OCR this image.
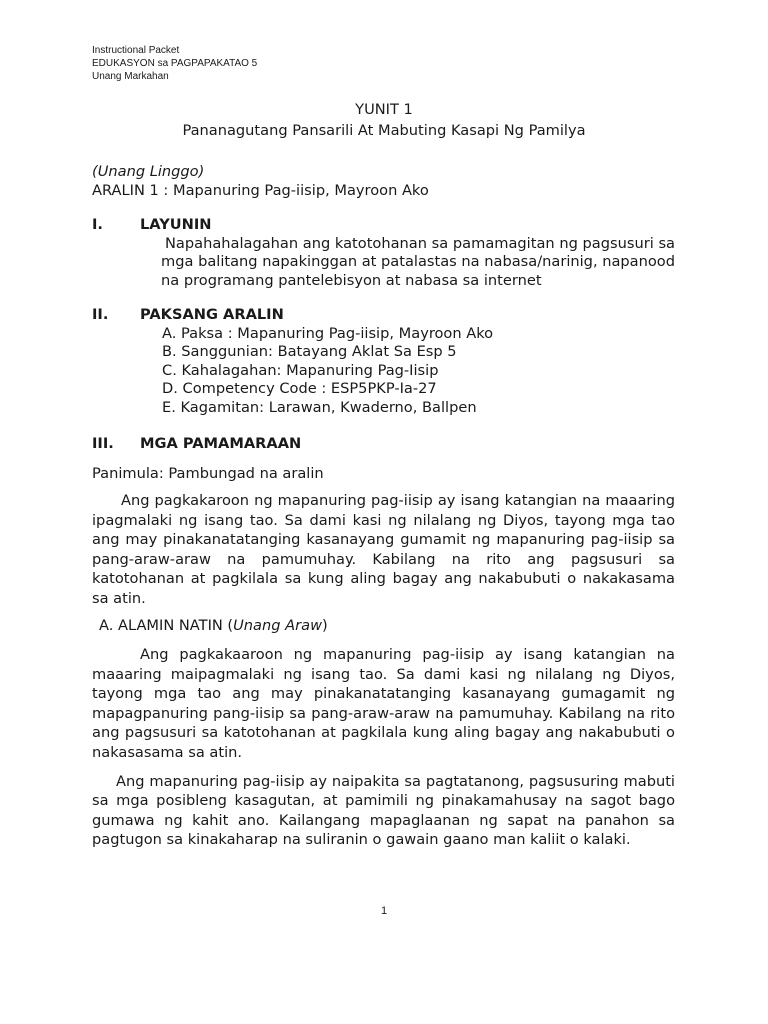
Instructional Packet
EDUKASYON sa PAGPAPAKATAO 5
Unang Markahan
YUNIT 1
Pananagutang Pansarili At Mabuting Kasapi Ng Pamilya

(Unang Linggo)

ARALIN 1 : Mapanuring Pag-iisip, Mayroon Ako

I.	LAYUNIN

Napahahalagahan ang katotohanan sa pamamagitan ng pagsusuri sa mga balitang napakinggan at patalastas na nabasa/narinig, napanood na programang pantelebisyon at nabasa sa internet

II.	PAKSANG ARALIN
A. Paksa : Mapanuring Pag-iisip, Mayroon Ako
B. Sanggunian: Batayang Aklat Sa Esp 5
C. Kahalagahan: Mapanuring Pag-Iisip
D. Competency Code : ESP5PKP-Ia-27
E. Kagamitan: Larawan, Kwaderno, Ballpen
III.	MGA PAMAMARAAN

Panimula: Pambungad na aralin

Ang pagkakaroon ng mapanuring pag-iisip ay isang katangian na maaaring ipagmalaki ng isang tao. Sa dami kasi ng nilalang ng Diyos, tayong mga tao ang may pinakanatatanging kasanayang gumamit ng mapanuring pag-iisip sa pang-araw-araw na pamumuhay. Kabilang na rito ang pagsusuri sa katotohanan at pagkilala sa kung aling bagay ang nakabubuti o nakakasama sa atin.

A. ALAMIN NATIN (Unang Araw)

Ang pagkakaaroon ng mapanuring pag-iisip ay isang katangian na maaaring maipagmalaki ng isang tao. Sa dami kasi ng nilalang ng Diyos, tayong mga tao ang may pinakanatatanging kasanayang gumagamit ng mapagpanuring pang-iisip sa pang-araw-araw na pamumuhay. Kabilang na rito ang pagsusuri sa katotohanan at pagkilala kung aling bagay ang nakabubuti o nakasasama sa atin.

Ang mapanuring pag-iisip ay naipakita sa pagtatanong, pagsusuring mabuti sa mga posibleng kasagutan, at pamimili ng pinakamahusay na sagot bago gumawa ng kahit ano. Kailangang mapaglaanan ng sapat na panahon sa pagtugon sa kinakaharap na suliranin o gawain gaano man kaliit o kalaki.

1
